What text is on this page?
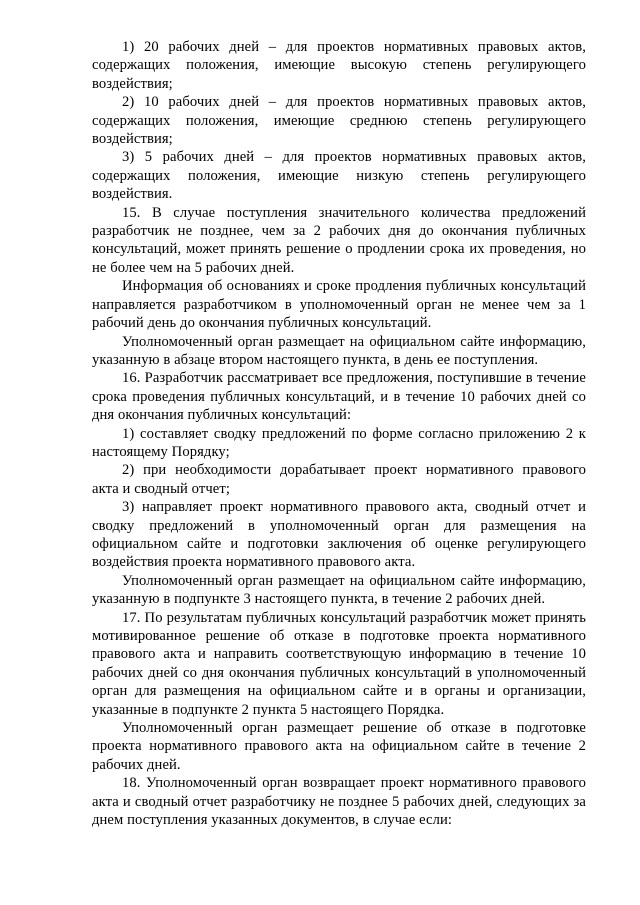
1) 20 рабочих дней – для проектов нормативных правовых актов, содержащих положения, имеющие высокую степень регулирующего воздействия;

2) 10 рабочих дней – для проектов нормативных правовых актов, содержащих положения, имеющие среднюю степень регулирующего воздействия;

3) 5 рабочих дней – для проектов нормативных правовых актов, содержащих положения, имеющие низкую степень регулирующего воздействия.

15. В случае поступления значительного количества предложений разработчик не позднее, чем за 2 рабочих дня до окончания публичных консультаций, может принять решение о продлении срока их проведения, но не более чем на 5 рабочих дней.

Информация об основаниях и сроке продления публичных консультаций направляется разработчиком в уполномоченный орган не менее чем за 1 рабочий день до окончания публичных консультаций.

Уполномоченный орган размещает на официальном сайте информацию, указанную в абзаце втором настоящего пункта, в день ее поступления.

16. Разработчик рассматривает все предложения, поступившие в течение срока проведения публичных консультаций, и в течение 10 рабочих дней со дня окончания публичных консультаций:

1) составляет сводку предложений по форме согласно приложению 2 к настоящему Порядку;

2) при необходимости дорабатывает проект нормативного правового акта и сводный отчет;

3) направляет проект нормативного правового акта, сводный отчет и сводку предложений в уполномоченный орган для размещения на официальном сайте и подготовки заключения об оценке регулирующего воздействия проекта нормативного правового акта.

Уполномоченный орган размещает на официальном сайте информацию, указанную в подпункте 3 настоящего пункта, в течение 2 рабочих дней.

17. По результатам публичных консультаций разработчик может принять мотивированное решение об отказе в подготовке проекта нормативного правового акта и направить соответствующую информацию в течение 10 рабочих дней со дня окончания публичных консультаций в уполномоченный орган для размещения на официальном сайте и в органы и организации, указанные в подпункте 2 пункта 5 настоящего Порядка.

Уполномоченный орган размещает решение об отказе в подготовке проекта нормативного правового акта на официальном сайте в течение 2 рабочих дней.

18. Уполномоченный орган возвращает проект нормативного правового акта и сводный отчет разработчику не позднее 5 рабочих дней, следующих за днем поступления указанных документов, в случае если:
